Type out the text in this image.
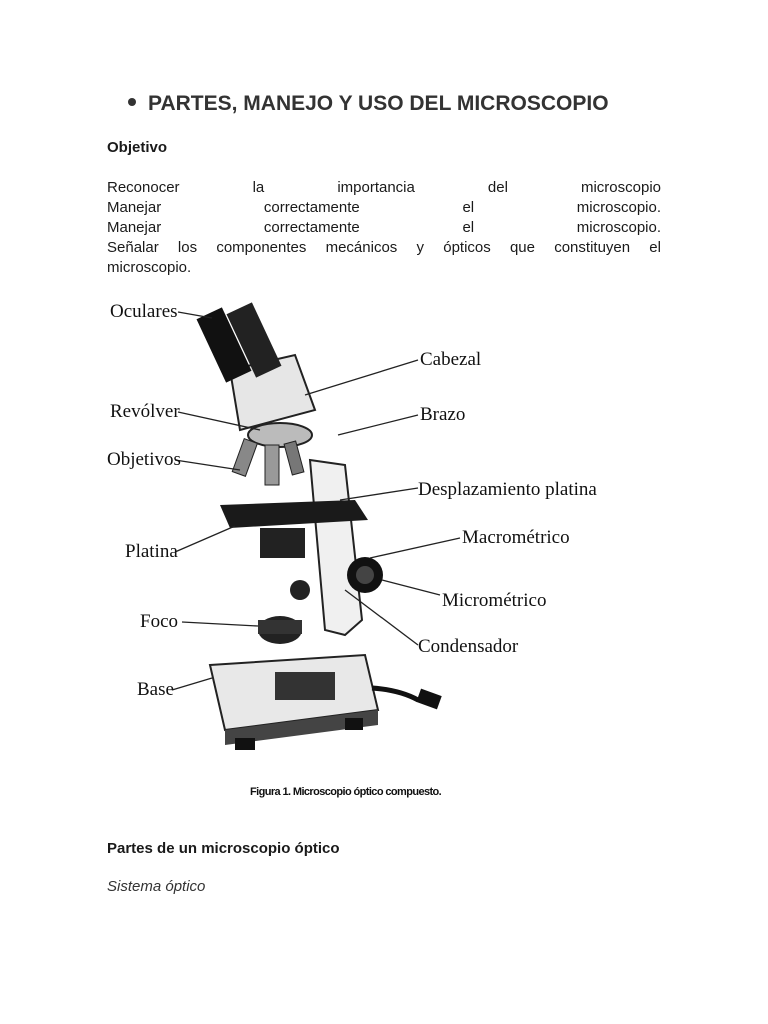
PARTES, MANEJO Y USO DEL MICROSCOPIO
Objetivo
Reconocer la importancia del microscopio
Manejar correctamente el microscopio.
Manejar correctamente el microscopio.
Señalar los componentes mecánicos y ópticos que constituyen el
microscopio.
Oculares
Revólver
Objetivos
Platina
Foco
Base
Cabezal
Brazo
Desplazamiento platina
Macrométrico
Micrométrico
Condensador
Figura 1. Microscopio óptico compuesto.
Partes de un microscopio óptico
Sistema óptico
